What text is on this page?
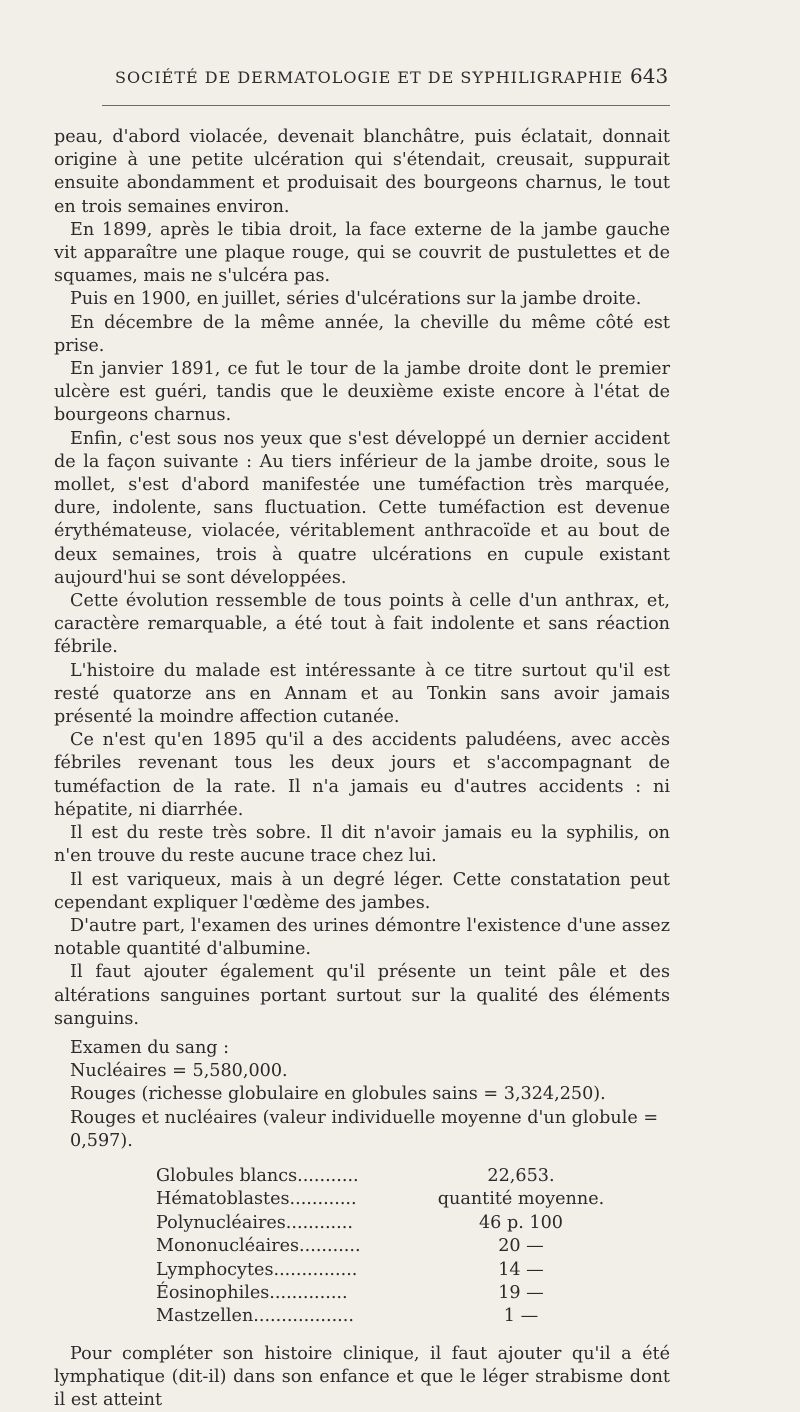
SOCIÉTÉ DE DERMATOLOGIE ET DE SYPHILIGRAPHIE 643

peau, d'abord violacée, devenait blanchâtre, puis éclatait, donnait origine à une petite ulcération qui s'étendait, creusait, suppurait ensuite abondamment et produisait des bourgeons charnus, le tout en trois semaines environ.

En 1899, après le tibia droit, la face externe de la jambe gauche vit apparaître une plaque rouge, qui se couvrit de pustulettes et de squames, mais ne s'ulcéra pas.

Puis en 1900, en juillet, séries d'ulcérations sur la jambe droite.

En décembre de la même année, la cheville du même côté est prise.

En janvier 1891, ce fut le tour de la jambe droite dont le premier ulcère est guéri, tandis que le deuxième existe encore à l'état de bourgeons charnus.

Enfin, c'est sous nos yeux que s'est développé un dernier accident de la façon suivante : Au tiers inférieur de la jambe droite, sous le mollet, s'est d'abord manifestée une tuméfaction très marquée, dure, indolente, sans fluctuation. Cette tuméfaction est devenue érythémateuse, violacée, véritablement anthracoïde et au bout de deux semaines, trois à quatre ulcérations en cupule existant aujourd'hui se sont développées.

Cette évolution ressemble de tous points à celle d'un anthrax, et, caractère remarquable, a été tout à fait indolente et sans réaction fébrile.

L'histoire du malade est intéressante à ce titre surtout qu'il est resté quatorze ans en Annam et au Tonkin sans avoir jamais présenté la moindre affection cutanée.

Ce n'est qu'en 1895 qu'il a des accidents paludéens, avec accès fébriles revenant tous les deux jours et s'accompagnant de tuméfaction de la rate. Il n'a jamais eu d'autres accidents : ni hépatite, ni diarrhée.

Il est du reste très sobre. Il dit n'avoir jamais eu la syphilis, on n'en trouve du reste aucune trace chez lui.

Il est variqueux, mais à un degré léger. Cette constatation peut cependant expliquer l'œdème des jambes.

D'autre part, l'examen des urines démontre l'existence d'une assez notable quantité d'albumine.

Il faut ajouter également qu'il présente un teint pâle et des altérations sanguines portant surtout sur la qualité des éléments sanguins.

Examen du sang :
Nucléaires = 5,580,000.
Rouges (richesse globulaire en globules sains = 3,324,250).
Rouges et nucléaires (valeur individuelle moyenne d'un globule = 0,597).
Globules blancs...........	22,653.
Hématoblastes............	quantité moyenne.
Polynucléaires............	46 p. 100
Mononucléaires...........	20 —
Lymphocytes...............	14 —
Éosinophiles..............	19 —
Mastzellen..................	1 —

Pour compléter son histoire clinique, il faut ajouter qu'il a été lymphatique (dit-il) dans son enfance et que le léger strabisme dont il est atteint
